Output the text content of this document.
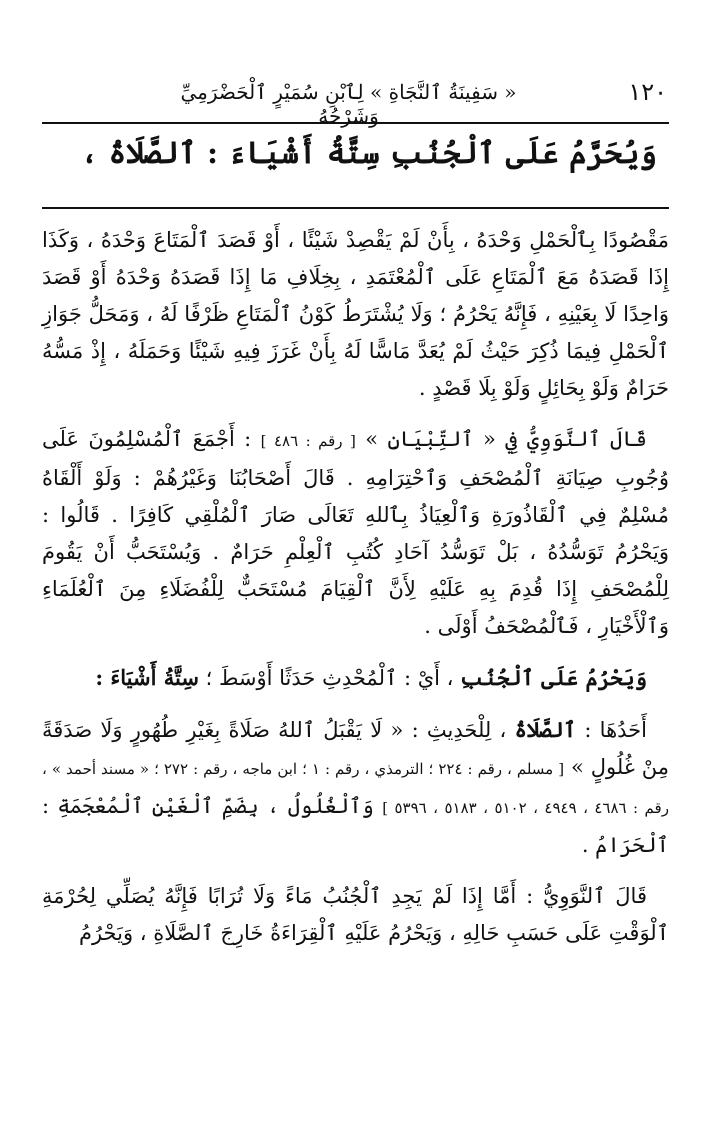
١٢٠
« سَفِينَةُ ٱلنَّجَاةِ » لِٱبْنِ سُمَيْرٍ ٱلْحَضْرَمِيِّ وَشَرْحُهُ
وَيُحَرَّمُ عَلَى ٱلْجُنُبِ سِتَّةُ أَشْيَاءَ : ٱلصَّلَاةُ ،

مَقْصُودًا بِٱلْحَمْلِ وَحْدَهُ ، بِأَنْ لَمْ يَقْصِدْ شَيْئًا ، أَوْ قَصَدَ ٱلْمَتَاعَ وَحْدَهُ ، وَكَذَا إِذَا قَصَدَهُ مَعَ ٱلْمَتَاعِ عَلَى ٱلْمُعْتَمَدِ ، بِخِلَافِ مَا إِذَا قَصَدَهُ وَحْدَهُ أَوْ قَصَدَ وَاحِدًا لَا بِعَيْنِهِ ، فَإِنَّهُ يَحْرُمُ ؛ وَلَا يُشْتَرَطُ كَوْنُ ٱلْمَتَاعِ ظَرْفًا لَهُ ، وَمَحَلُّ جَوَازِ ٱلْحَمْلِ فِيمَا ذُكِرَ حَيْثُ لَمْ يُعَدَّ مَاسًّا لَهُ بِأَنْ غَرَزَ فِيهِ شَيْئًا وَحَمَلَهُ ، إِذْ مَسُّهُ حَرَامٌ وَلَوْ بِحَائِلٍ وَلَوْ بِلَا قَصْدٍ .

قَالَ ٱلنَّوَوِيُّ فِي « ٱلتِّبْيَانِ » [ رقم : ٤٨٦ ] : أَجْمَعَ ٱلْمُسْلِمُونَ عَلَى وُجُوبِ صِيَانَةِ ٱلْمُصْحَفِ وَٱحْتِرَامِهِ . قَالَ أَصْحَابُنَا وَغَيْرُهُمْ : وَلَوْ أَلْقَاهُ مُسْلِمٌ فِي ٱلْقَاذُورَةِ وَٱلْعِيَاذُ بِٱللهِ تَعَالَى صَارَ ٱلْمُلْقِي كَافِرًا . قَالُوا : وَيَحْرُمُ تَوَسُّدُهُ ، بَلْ تَوَسُّدُ آحَادِ كُتُبِ ٱلْعِلْمِ حَرَامٌ . وَيُسْتَحَبُّ أَنْ يَقُومَ لِلْمُصْحَفِ إِذَا قُدِمَ بِهِ عَلَيْهِ لِأَنَّ ٱلْقِيَامَ مُسْتَحَبٌّ لِلْفُضَلَاءِ مِنَ ٱلْعُلَمَاءِ وَٱلْأَخْيَارِ ، فَٱلْمُصْحَفُ أَوْلَى .

وَيَحْرُمُ عَلَى ٱلْجُنُبِ ، أَيْ : ٱلْمُحْدِثِ حَدَثًا أَوْسَطَ ؛ سِتَّةُ أَشْيَاءَ :

أَحَدُهَا : ٱلصَّلَاةُ ، لِلْحَدِيثِ : « لَا يَقْبَلُ ٱللهُ صَلَاةً بِغَيْرِ طُهُورٍ وَلَا صَدَقَةً مِنْ غُلُولٍ » [ مسلم ، رقم : ٢٢٤ ؛ الترمذي ، رقم : ١ ؛ ابن ماجه ، رقم : ٢٧٢ ؛ « مسند أحمد » ، رقم : ٤٦٨٦ ، ٤٩٤٩ ، ٥١٠٢ ، ٥١٨٣ ، ٥٣٩٦ ] وَٱلْغُلُولُ ، بِضَمِّ ٱلْغَيْنِ ٱلْمُعْجَمَةِ : ٱلْحَرَامُ .

قَالَ ٱلنَّوَوِيُّ : أَمَّا إِذَا لَمْ يَجِدِ ٱلْجُنُبُ مَاءً وَلَا تُرَابًا فَإِنَّهُ يُصَلِّي لِحُرْمَةِ ٱلْوَقْتِ عَلَى حَسَبِ حَالِهِ ، وَيَحْرُمُ عَلَيْهِ ٱلْقِرَاءَةُ خَارِجَ ٱلصَّلَاةِ ، وَيَحْرُمُ
